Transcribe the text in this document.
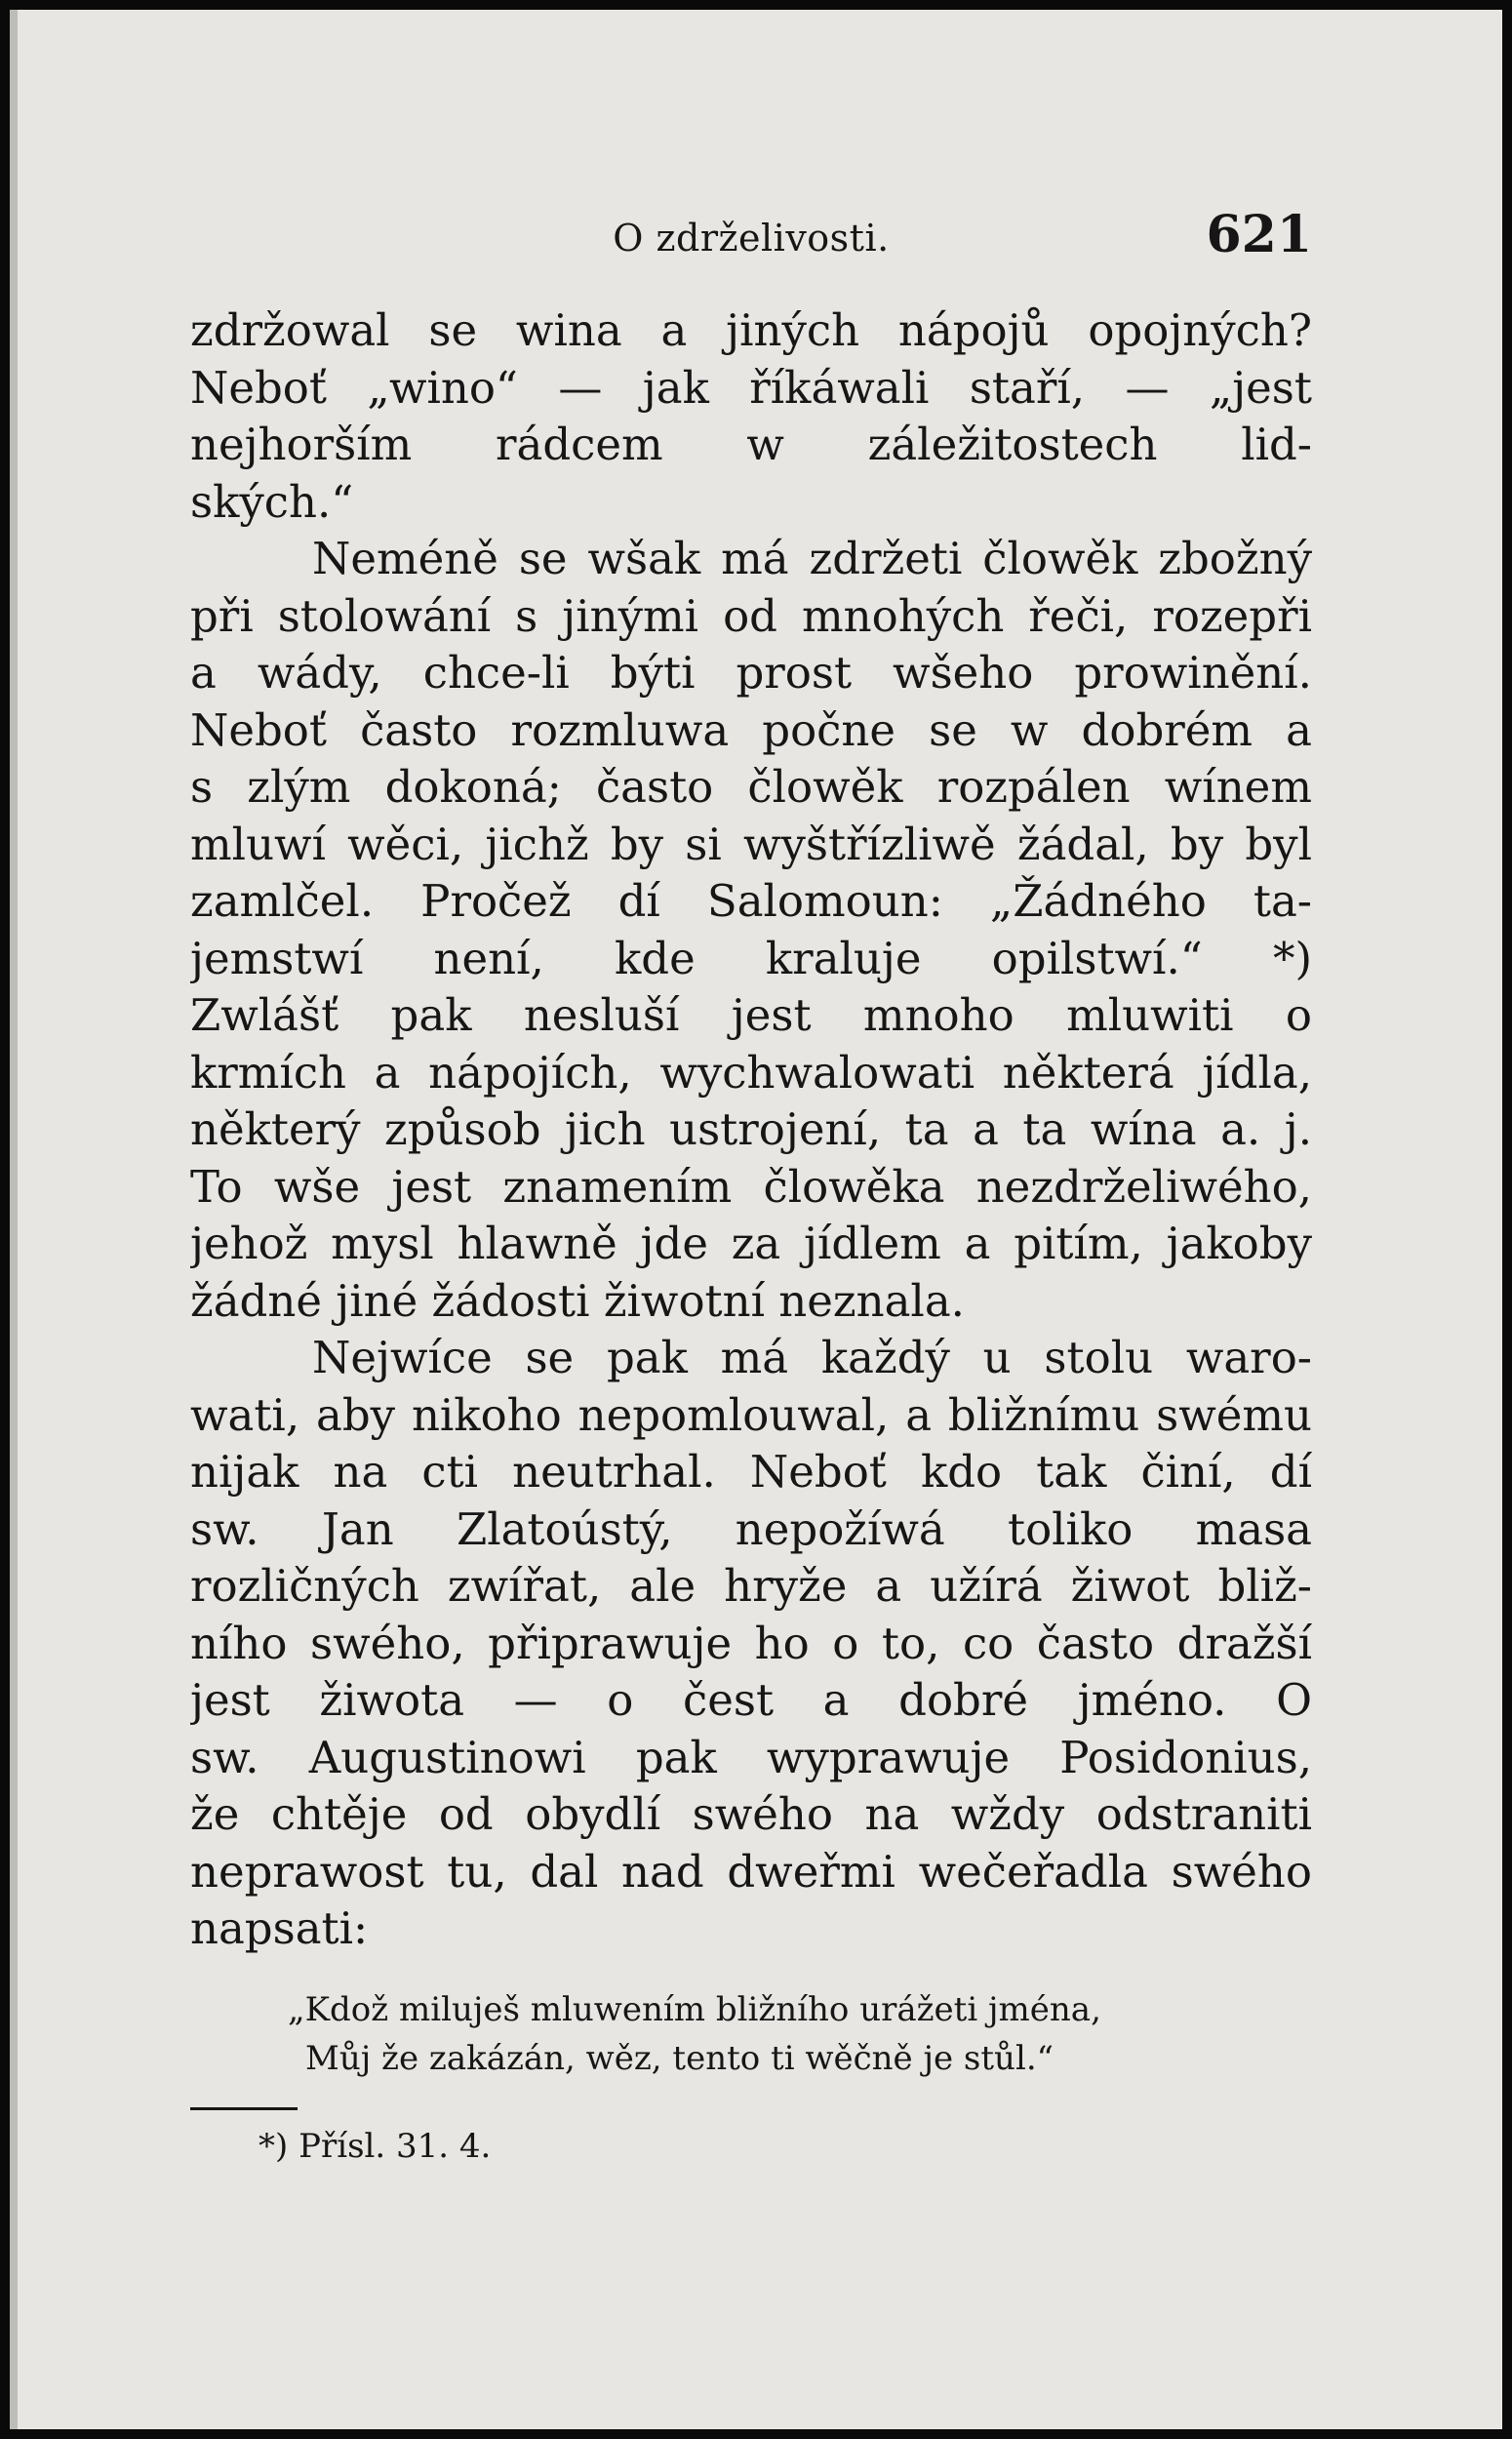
O zdrželivosti.	621
zdržowal se wina a jiných nápojů opojných?
Neboť „wino“ — jak říkáwali staří, — „jest
nejhorším rádcem w záležitostech lid-
ských.“
Neméně se wšak má zdržeti člowěk zbožný
při stolowání s jinými od mnohých řeči, rozepři
a wády, chce-li býti prost wšeho prowinění.
Neboť často rozmluwa počne se w dobrém a
s zlým dokoná; často člowěk rozpálen wínem
mluwí wěci, jichž by si wyštřízliwě žádal, by byl
zamlčel. Pročež dí Salomoun: „Žádného ta-
jemstwí není, kde kraluje opilstwí.“ *)
Zwlášť pak nesluší jest mnoho mluwiti o
krmích a nápojích, wychwalowati některá jídla,
některý způsob jich ustrojení, ta a ta wína a. j.
To wše jest znamením člowěka nezdrželiwého,
jehož mysl hlawně jde za jídlem a pitím, jakoby
žádné jiné žádosti žiwotní neznala.
Nejwíce se pak má každý u stolu waro-
wati, aby nikoho nepomlouwal, a bližnímu swému
nijak na cti neutrhal. Neboť kdo tak činí, dí
sw. Jan Zlatoústý, nepožíwá toliko masa
rozličných zwířat, ale hryže a užírá žiwot bliž-
ního swého, připrawuje ho o to, co často dražší
jest žiwota — o čest a dobré jméno. O
sw. Augustinowi pak wyprawuje Posidonius,
že chtěje od obydlí swého na wždy odstraniti
neprawost tu, dal nad dweřmi wečeřadla swého
napsati:
„Kdož miluješ mluwením bližního urážeti jména,
Můj že zakázán, wěz, tento ti wěčně je stůl.“
*) Přísl. 31. 4.
